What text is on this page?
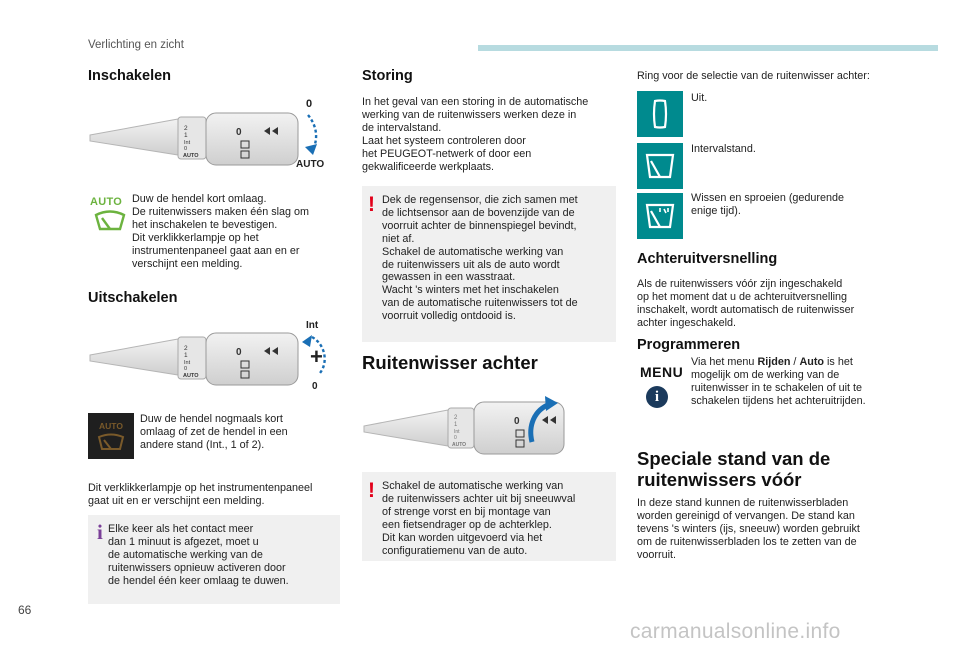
Verlichting en zicht
Inschakelen
2
1
Int
0
AUTO
0
0
AUTO
AUTO Duw de hendel kort omlaag.
De ruitenwissers maken één slag om
het inschakelen te bevestigen.
Dit verklikkerlampje op het
instrumentenpaneel gaat aan en er
verschijnt een melding.
Uitschakelen
2
1
Int
0
AUTO
0
Int
+
0
AUTO
Duw de hendel nogmaals kort
omlaag of zet de hendel in een
andere stand (Int., 1 of 2).
Dit verklikkerlampje op het instrumentenpaneel
gaat uit en er verschijnt een melding.
i Elke keer als het contact meer
dan 1 minuut is afgezet, moet u
de automatische werking van de
ruitenwissers opnieuw activeren door
de hendel één keer omlaag te duwen.
Storing
In het geval van een storing in de automatische
werking van de ruitenwissers werken deze in
de intervalstand.
Laat het systeem controleren door
het PEUGEOT-netwerk of door een
gekwalificeerde werkplaats.
! Dek de regensensor, die zich samen met
de lichtsensor aan de bovenzijde van de
voorruit achter de binnenspiegel bevindt,
niet af.
Schakel de automatische werking van
de ruitenwissers uit als de auto wordt
gewassen in een wasstraat.
Wacht 's winters met het inschakelen
van de automatische ruitenwissers tot de
voorruit volledig ontdooid is.
Ruitenwisser achter
2
1
Int
0
AUTO
0
! Schakel de automatische werking van
de ruitenwissers achter uit bij sneeuwval
of strenge vorst en bij montage van
een fietsendrager op de achterklep.
Dit kan worden uitgevoerd via het
configuratiemenu van de auto.
Ring voor de selectie van de ruitenwisser achter:
Uit.
Intervalstand.
Wissen en sproeien (gedurende
enige tijd).
Achteruitversnelling
Als de ruitenwissers vóór zijn ingeschakeld
op het moment dat u de achteruitversnelling
inschakelt, wordt automatisch de ruitenwisser
achter ingeschakeld.
Programmeren
MENU
i
Via het menu Rijden / Auto is het
mogelijk om de werking van de
ruitenwisser in te schakelen of uit te
schakelen tijdens het achteruitrijden.
Speciale stand van de
ruitenwissers vóór
In deze stand kunnen de ruitenwisserbladen
worden gereinigd of vervangen. De stand kan
tevens 's winters (ijs, sneeuw) worden gebruikt
om de ruitenwisserbladen los te zetten van de
voorruit.
66
carmanualsonline.info
